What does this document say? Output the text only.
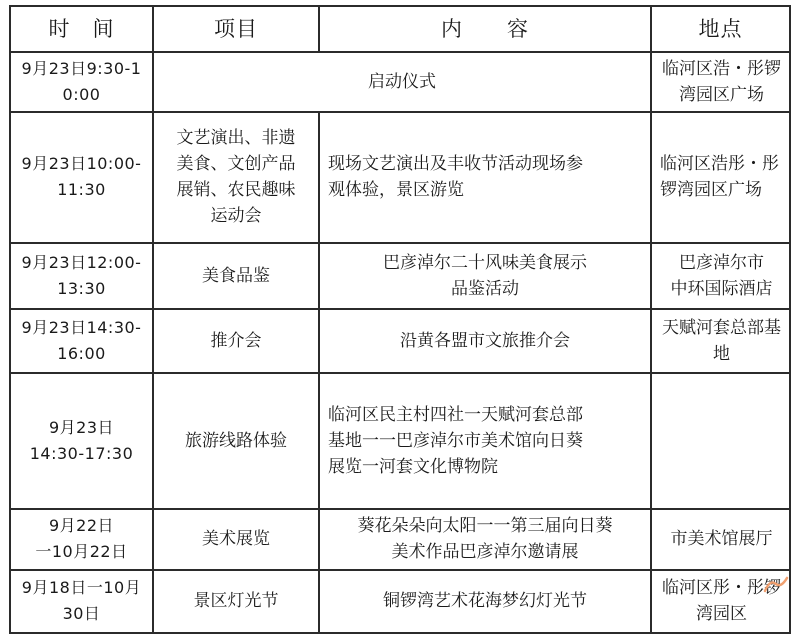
时　间	项目	内　　容	地点
9月23日9:30-1
0:00	启动仪式		临河区浩・彤锣
湾园区广场
9月23日10:00-
11:30	文艺演出、非遗
美食、文创产品
展销、农民趣味
运动会	现场文艺演出及丰收节活动现场参
观体验，景区游览	临河区浩彤・彤
锣湾园区广场
9月23日12:00-
13:30	美食品鉴	巴彦淖尔二十风味美食展示
品鉴活动	巴彦淖尔市
中环国际酒店
9月23日14:30-
16:00	推介会	沿黄各盟市文旅推介会	天赋河套总部基
地
9月23日
14:30-17:30	旅游线路体验	临河区民主村四社一天赋河套总部
基地一一巴彦淖尔市美术馆向日葵
展览一河套文化博物院	
9月22日
一10月22日	美术展览	葵花朵朵向太阳一一第三届向日葵
美术作品巴彦淖尔邀请展	市美术馆展厅
9月18日一10月
30日	景区灯光节	铜锣湾艺术花海梦幻灯光节	临河区彤・彤锣
湾园区
